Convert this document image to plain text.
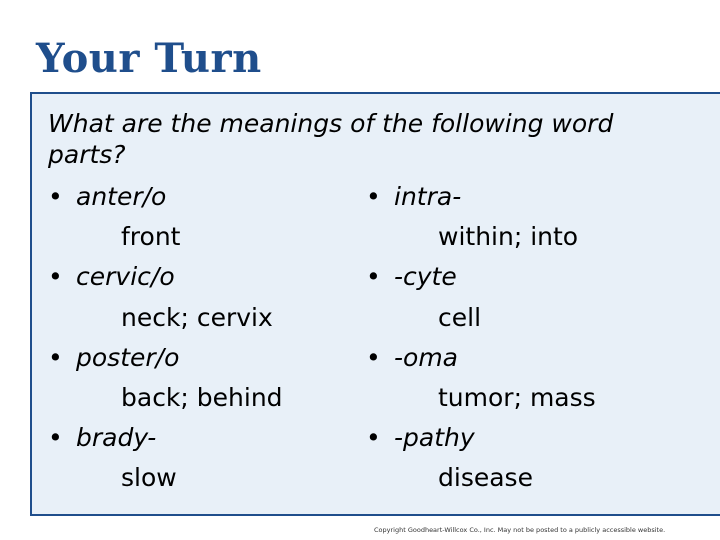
Your Turn
What are the meanings of the following word parts?
• anter/o
front
• cervic/o
neck; cervix
• poster/o
back; behind
• brady-
slow
• intra-
within; into
• -cyte
cell
• -oma
tumor; mass
• -pathy
disease
Copyright Goodheart-Willcox Co., Inc. May not be posted to a publicly accessible website.
